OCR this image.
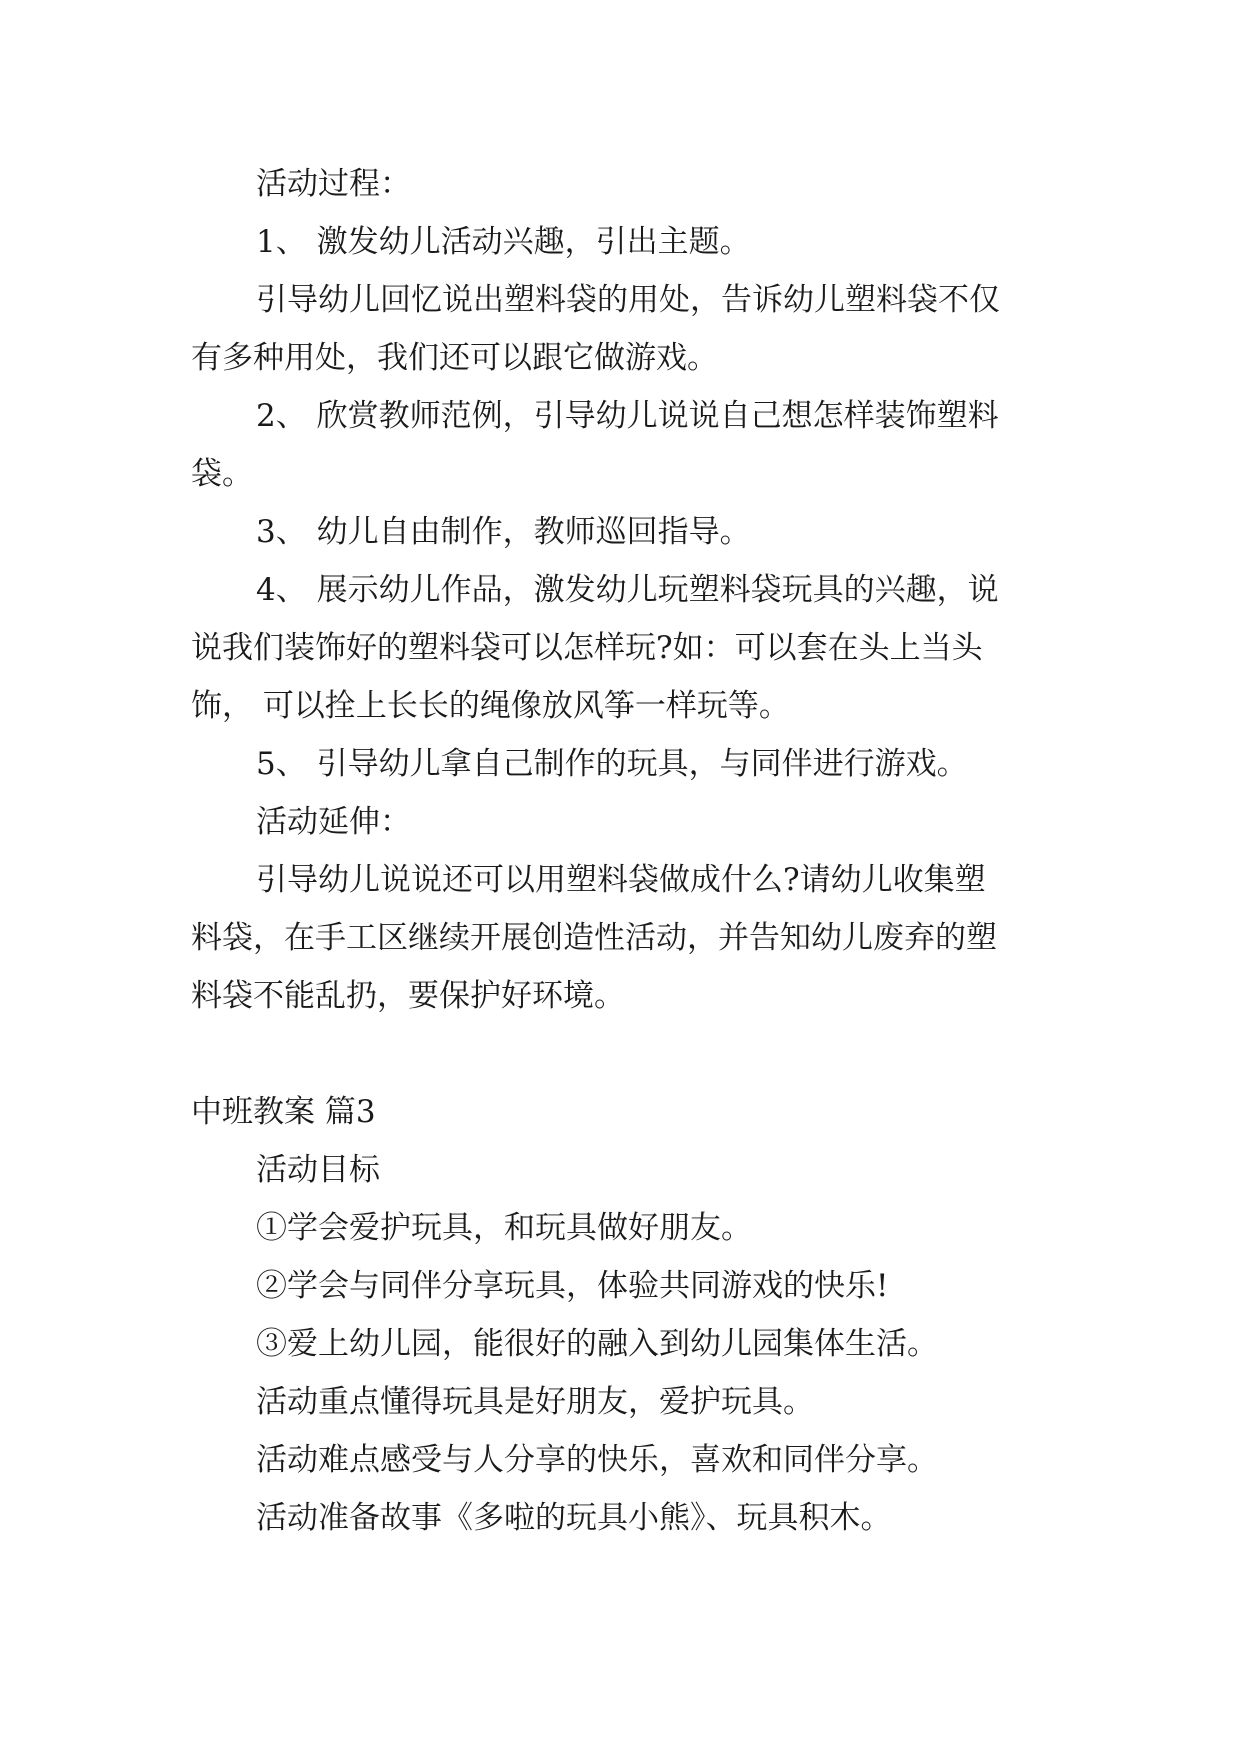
活动过程：
1、 激发幼儿活动兴趣，引出主题。
引导幼儿回忆说出塑料袋的用处，告诉幼儿塑料袋不仅
有多种用处，我们还可以跟它做游戏。
2、 欣赏教师范例，引导幼儿说说自己想怎样装饰塑料
袋。
3、 幼儿自由制作，教师巡回指导。
4、 展示幼儿作品，激发幼儿玩塑料袋玩具的兴趣，说
说我们装饰好的塑料袋可以怎样玩?如：可以套在头上当头
饰， 可以拴上长长的绳像放风筝一样玩等。
5、 引导幼儿拿自己制作的玩具，与同伴进行游戏。
活动延伸：
引导幼儿说说还可以用塑料袋做成什么?请幼儿收集塑
料袋，在手工区继续开展创造性活动，并告知幼儿废弃的塑
料袋不能乱扔，要保护好环境。
中班教案 篇3
活动目标
①学会爱护玩具，和玩具做好朋友。
②学会与同伴分享玩具，体验共同游戏的快乐!
③爱上幼儿园，能很好的融入到幼儿园集体生活。
活动重点懂得玩具是好朋友，爱护玩具。
活动难点感受与人分享的快乐，喜欢和同伴分享。
活动准备故事《多啦的玩具小熊》、玩具积木。
